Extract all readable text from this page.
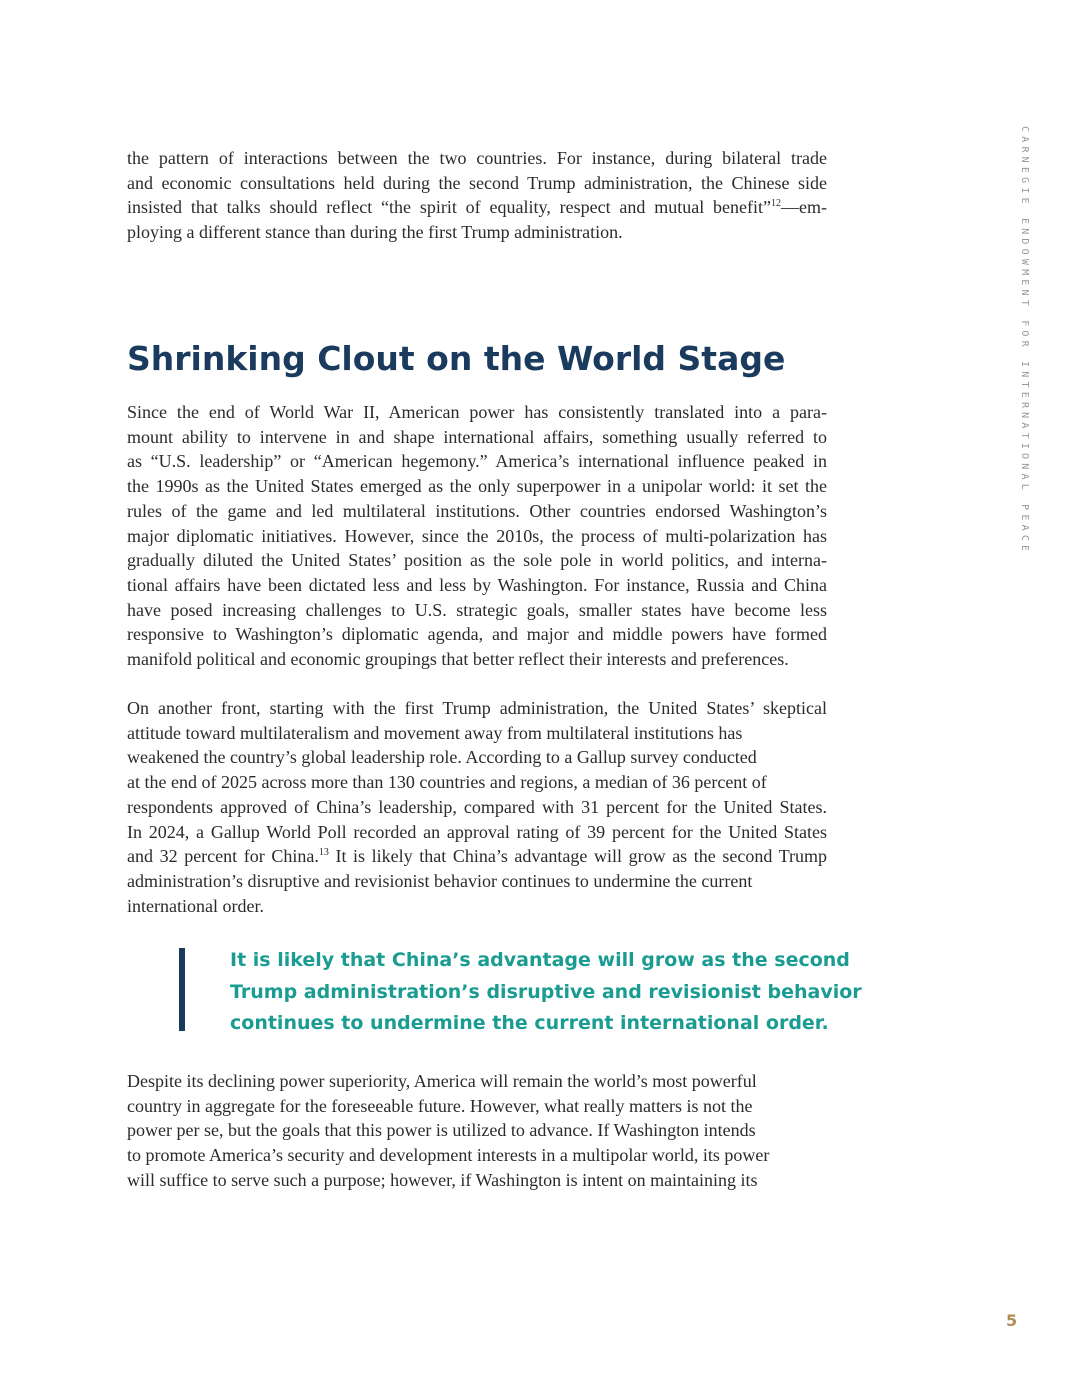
CARNEGIE ENDOWMENT FOR INTERNATIONAL PEACE
the pattern of interactions between the two countries. For instance, during bilateral trade
and economic consultations held during the second Trump administration, the Chinese side
insisted that talks should reflect “the spirit of equality, respect and mutual benefit”$^{12}$—em-
ploying a different stance than during the first Trump administration.
Shrinking Clout on the World Stage
Since the end of World War II, American power has consistently translated into a para-
mount ability to intervene in and shape international affairs, something usually referred to
as “U.S. leadership” or “American hegemony.” America’s international influence peaked in
the 1990s as the United States emerged as the only superpower in a unipolar world: it set the
rules of the game and led multilateral institutions. Other countries endorsed Washington’s
major diplomatic initiatives. However, since the 2010s, the process of multi-polarization has
gradually diluted the United States’ position as the sole pole in world politics, and interna-
tional affairs have been dictated less and less by Washington. For instance, Russia and China
have posed increasing challenges to U.S. strategic goals, smaller states have become less
responsive to Washington’s diplomatic agenda, and major and middle powers have formed
manifold political and economic groupings that better reflect their interests and preferences.
On another front, starting with the first Trump administration, the United States’ skeptical
attitude toward multilateralism and movement away from multilateral institutions has
weakened the country’s global leadership role. According to a Gallup survey conducted
at the end of 2025 across more than 130 countries and regions, a median of 36 percent of
respondents approved of China’s leadership, compared with 31 percent for the United States.
In 2024, a Gallup World Poll recorded an approval rating of 39 percent for the United States
and 32 percent for China.$^{13}$ It is likely that China’s advantage will grow as the second Trump
administration’s disruptive and revisionist behavior continues to undermine the current
international order.
It is likely that China’s advantage will grow as the second
Trump administration’s disruptive and revisionist behavior
continues to undermine the current international order.
Despite its declining power superiority, America will remain the world’s most powerful
country in aggregate for the foreseeable future. However, what really matters is not the
power per se, but the goals that this power is utilized to advance. If Washington intends
to promote America’s security and development interests in a multipolar world, its power
will suffice to serve such a purpose; however, if Washington is intent on maintaining its
5
